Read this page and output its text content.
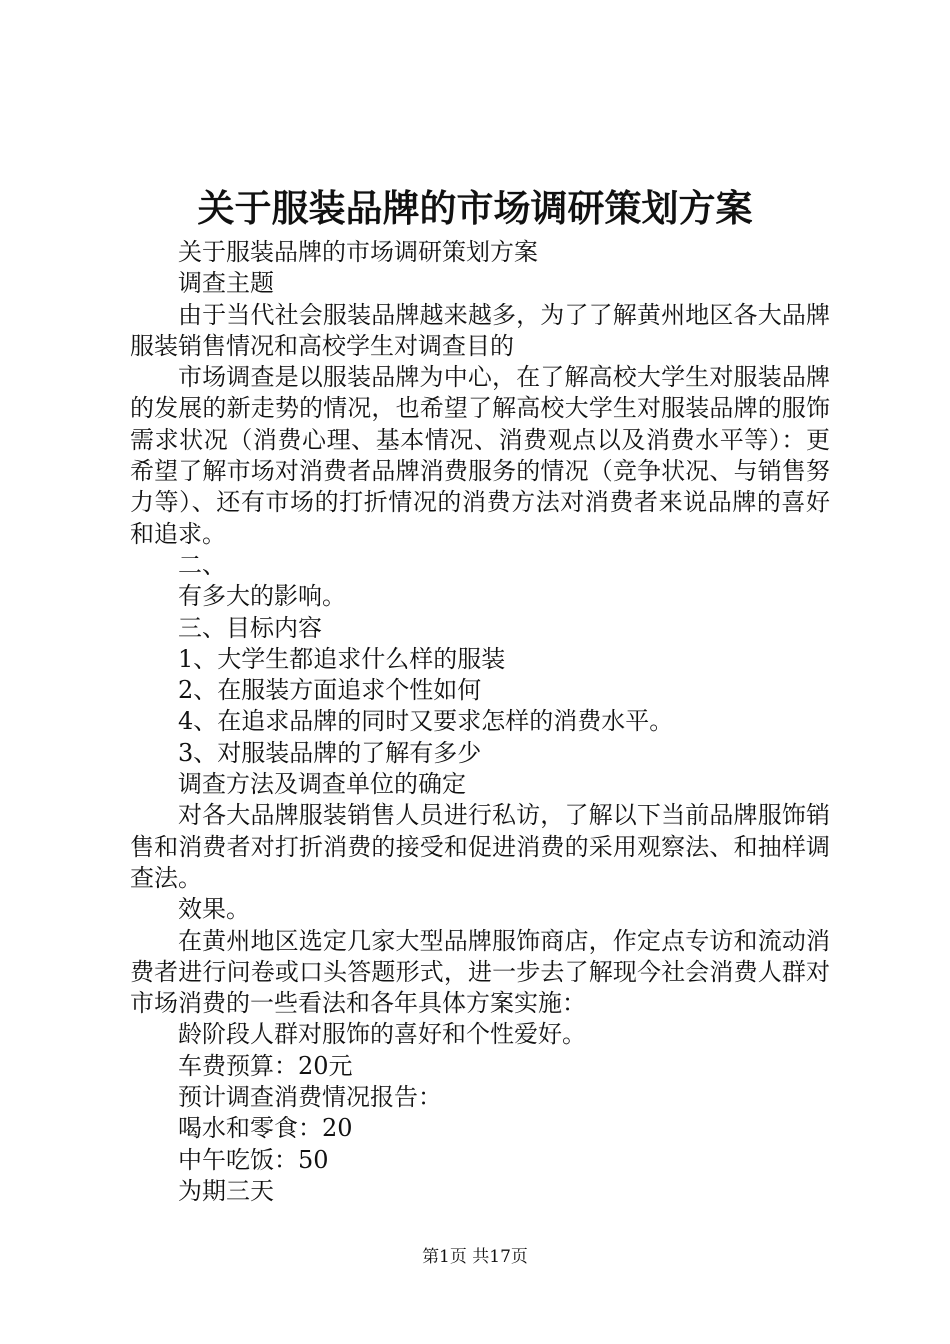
关于服装品牌的市场调研策划方案

关于服装品牌的市场调研策划方案

调查主题

由于当代社会服装品牌越来越多，为了了解黄州地区各大品牌服装销售情况和高校学生对调查目的

市场调查是以服装品牌为中心，在了解高校大学生对服装品牌的发展的新走势的情况，也希望了解高校大学生对服装品牌的服饰需求状况（消费心理、基本情况、消费观点以及消费水平等）：更希望了解市场对消费者品牌消费服务的情况（竞争状况、与销售努力等）、还有市场的打折情况的消费方法对消费者来说品牌的喜好和追求。

二、

有多大的影响。

三、目标内容

1、大学生都追求什么样的服装

2、在服装方面追求个性如何

4、在追求品牌的同时又要求怎样的消费水平。

3、对服装品牌的了解有多少

调查方法及调查单位的确定

对各大品牌服装销售人员进行私访，了解以下当前品牌服饰销售和消费者对打折消费的接受和促进消费的采用观察法、和抽样调查法。

效果。

在黄州地区选定几家大型品牌服饰商店，作定点专访和流动消费者进行问卷或口头答题形式，进一步去了解现今社会消费人群对市场消费的一些看法和各年具体方案实施：

龄阶段人群对服饰的喜好和个性爱好。

车费预算：20元

预计调查消费情况报告：

喝水和零食：20

中午吃饭：50

为期三天

第1页 共17页
